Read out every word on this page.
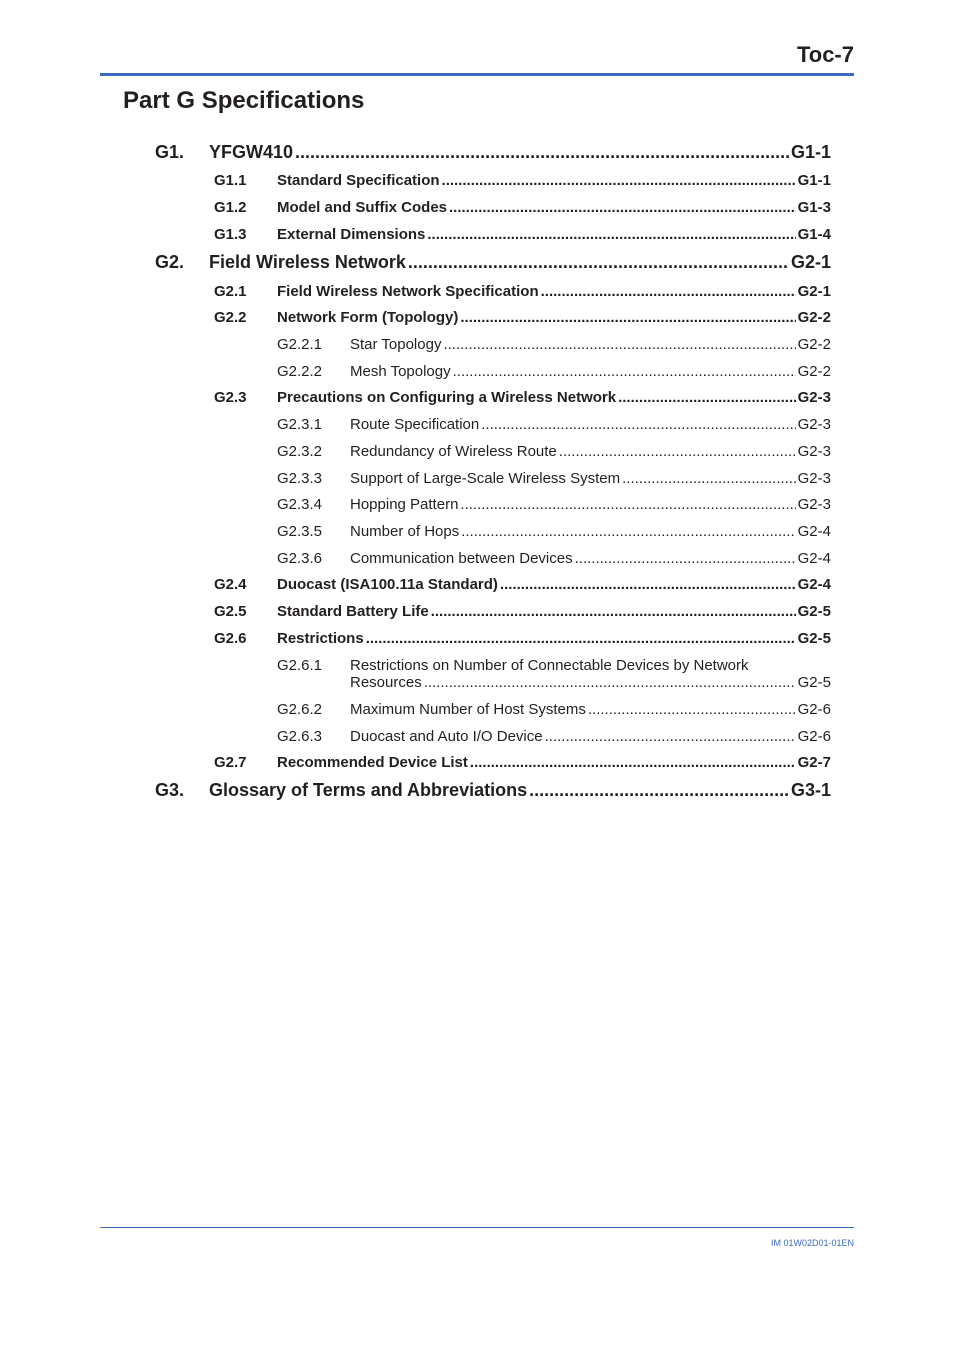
Toc-7
Part G Specifications
G1. YFGW410 .....	G1-1
G1.1 Standard Specification .....	G1-1
G1.2 Model and Suffix Codes .....	G1-3
G1.3 External Dimensions .....	G1-4
G2. Field Wireless Network .....	G2-1
G2.1 Field Wireless Network Specification .....	G2-1
G2.2 Network Form (Topology) .....	G2-2
G2.2.1 Star Topology .....	G2-2
G2.2.2 Mesh Topology .....	G2-2
G2.3 Precautions on Configuring a Wireless Network .....	G2-3
G2.3.1 Route Specification .....	G2-3
G2.3.2 Redundancy of Wireless Route .....	G2-3
G2.3.3 Support of Large-Scale Wireless System .....	G2-3
G2.3.4 Hopping Pattern .....	G2-3
G2.3.5 Number of Hops .....	G2-4
G2.3.6 Communication between Devices .....	G2-4
G2.4 Duocast (ISA100.11a Standard) .....	G2-4
G2.5 Standard Battery Life .....	G2-5
G2.6 Restrictions .....	G2-5
G2.6.1 Restrictions on Number of Connectable Devices by Network
Resources .....	G2-5
G2.6.2 Maximum Number of Host Systems .....	G2-6
G2.6.3 Duocast and Auto I/O Device .....	G2-6
G2.7 Recommended Device List .....	G2-7
G3. Glossary of Terms and Abbreviations .....	G3-1
IM 01W02D01-01EN
